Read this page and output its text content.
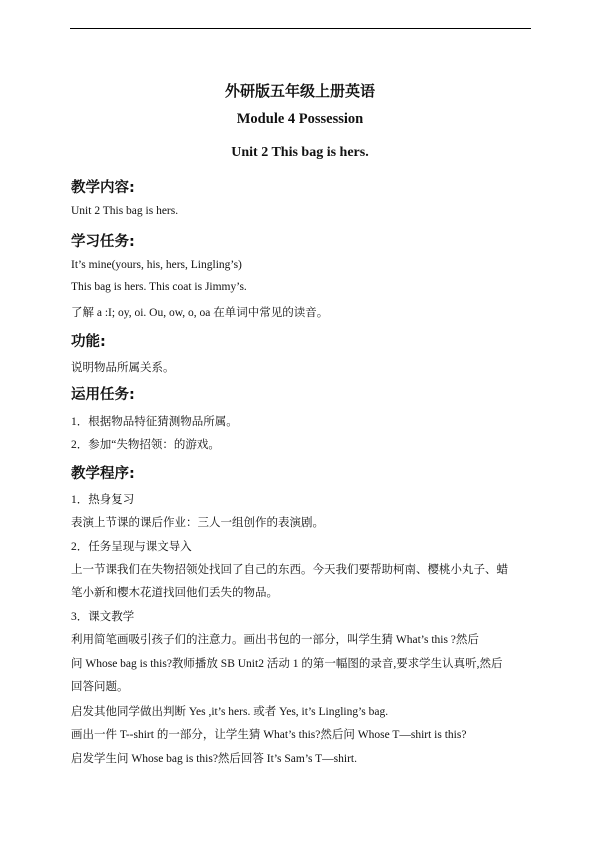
外研版五年级上册英语
Module 4 Possession
Unit 2 This bag is hers.
教学内容:
Unit 2 This bag is hers.
学习任务:
It’s mine(yours, his, hers, Lingling’s)
This bag is hers. This coat is Jimmy’s.
了解 a :I; oy, oi. Ou, ow, o, oa 在单词中常见的读音。
功能:
说明物品所属关系。
运用任务:
1．根据物品特征猜测物品所属。
2．参加“失物招领：的游戏。
教学程序:
1．热身复习
表演上节课的课后作业：三人一组创作的表演剧。
2．任务呈现与课文导入
上一节课我们在失物招领处找回了自己的东西。今天我们要帮助柯南、樱桃小丸子、蜡
笔小新和樱木花道找回他们丢失的物品。
3．课文教学
利用简笔画吸引孩子们的注意力。画出书包的一部分，叫学生猜 What’s this ?然后
问 Whose bag is this?教师播放 SB Unit2 活动 1 的第一幅图的录音,要求学生认真听,然后
回答问题。
启发其他同学做出判断 Yes ,it’s hers. 或者 Yes, it’s Lingling’s bag.
画出一件 T--shirt 的一部分，让学生猜 What’s this?然后问 Whose T—shirt is this?
启发学生问 Whose bag is this?然后回答 It’s Sam’s T—shirt.
